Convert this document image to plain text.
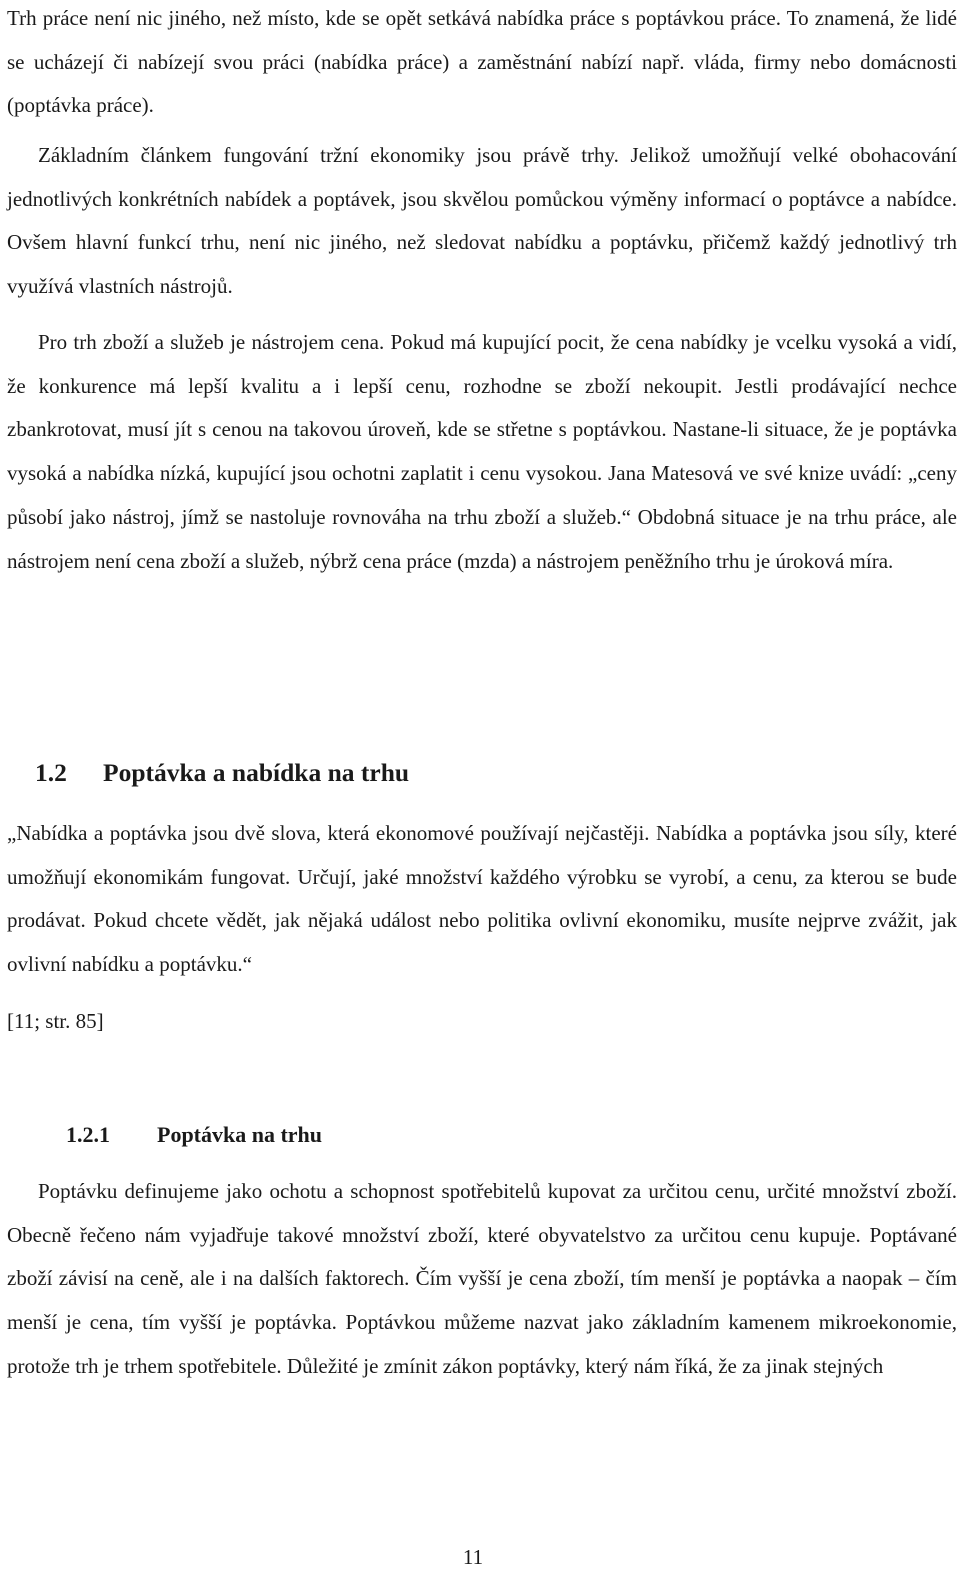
Trh práce není nic jiného, než místo, kde se opět setkává nabídka práce s poptávkou práce. To znamená, že lidé se ucházejí či nabízejí svou práci (nabídka práce) a zaměstnání nabízí např. vláda, firmy nebo domácnosti (poptávka práce).

Základním článkem fungování tržní ekonomiky jsou právě trhy. Jelikož umožňují velké obohacování jednotlivých konkrétních nabídek a poptávek, jsou skvělou pomůckou výměny informací o poptávce a nabídce. Ovšem hlavní funkcí trhu, není nic jiného, než sledovat nabídku a poptávku, přičemž každý jednotlivý trh využívá vlastních nástrojů.

Pro trh zboží a služeb je nástrojem cena. Pokud má kupující pocit, že cena nabídky je vcelku vysoká a vidí, že konkurence má lepší kvalitu a i lepší cenu, rozhodne se zboží nekoupit. Jestli prodávající nechce zbankrotovat, musí jít s cenou na takovou úroveň, kde se střetne s poptávkou. Nastane-li situace, že je poptávka vysoká a nabídka nízká, kupující jsou ochotni zaplatit i cenu vysokou. Jana Matesová ve své knize uvádí: „ceny působí jako nástroj, jímž se nastoluje rovnováha na trhu zboží a služeb.“ Obdobná situace je na trhu práce, ale nástrojem není cena zboží a služeb, nýbrž cena práce (mzda) a nástrojem peněžního trhu je úroková míra.

1.2 Poptávka a nabídka na trhu

„Nabídka a poptávka jsou dvě slova, která ekonomové používají nejčastěji. Nabídka a poptávka jsou síly, které umožňují ekonomikám fungovat. Určují, jaké množství každého výrobku se vyrobí, a cenu, za kterou se bude prodávat. Pokud chcete vědět, jak nějaká událost nebo politika ovlivní ekonomiku, musíte nejprve zvážit, jak ovlivní nabídku a poptávku.“

[11; str. 85]

1.2.1 Poptávka na trhu

Poptávku definujeme jako ochotu a schopnost spotřebitelů kupovat za určitou cenu, určité množství zboží. Obecně řečeno nám vyjadřuje takové množství zboží, které obyvatelstvo za určitou cenu kupuje. Poptávané zboží závisí na ceně, ale i na dalších faktorech. Čím vyšší je cena zboží, tím menší je poptávka a naopak – čím menší je cena, tím vyšší je poptávka. Poptávkou můžeme nazvat jako základním kamenem mikroekonomie, protože trh je trhem spotřebitele. Důležité je zmínit zákon poptávky, který nám říká, že za jinak stejných

11
